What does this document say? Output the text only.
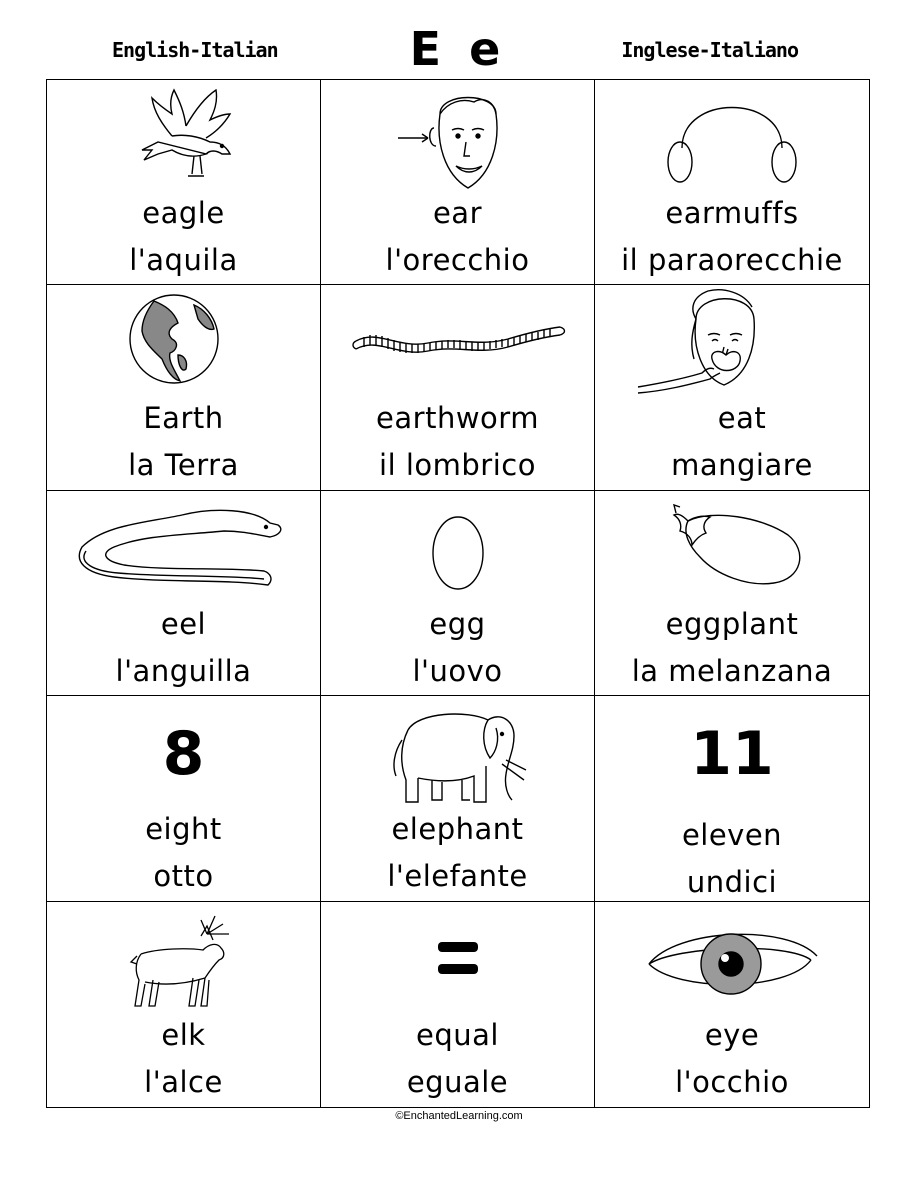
English-Italian	E e	Inglese-Italiano
eagle
l'aquila
ear
l'orecchio
earmuffs
il paraorecchie
Earth
la Terra
earthworm
il lombrico
eat
mangiare
eel
l'anguilla
egg
l'uovo
eggplant
la melanzana
8
eight
otto
elephant
l'elefante
11
eleven
undici
elk
l'alce
equal
eguale
eye
l'occhio
©EnchantedLearning.com
